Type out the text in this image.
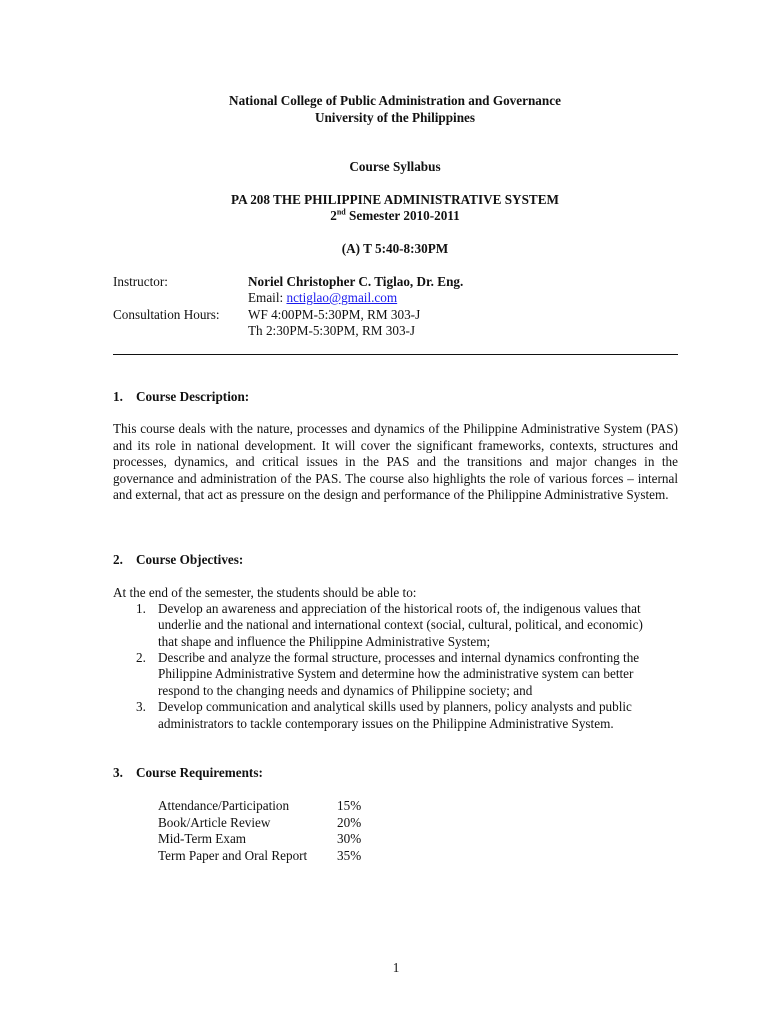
National College of Public Administration and Governance
University of the Philippines
Course Syllabus
PA 208 THE PHILIPPINE ADMINISTRATIVE SYSTEM
2nd Semester 2010-2011
(A) T 5:40-8:30PM
Instructor:	Noriel Christopher C. Tiglao, Dr. Eng.
Email: nctiglao@gmail.com
Consultation Hours: WF 4:00PM-5:30PM, RM 303-J
Th 2:30PM-5:30PM, RM 303-J
1. Course Description:
This course deals with the nature, processes and dynamics of the Philippine Administrative System (PAS) and its role in national development. It will cover the significant frameworks, contexts, structures and processes, dynamics, and critical issues in the PAS and the transitions and major changes in the governance and administration of the PAS. The course also highlights the role of various forces – internal and external, that act as pressure on the design and performance of the Philippine Administrative System.
2. Course Objectives:
At the end of the semester, the students should be able to:
1. Develop an awareness and appreciation of the historical roots of, the indigenous values that
underlie and the national and international context (social, cultural, political, and economic)
that shape and influence the Philippine Administrative System;
2. Describe and analyze the formal structure, processes and internal dynamics confronting the
Philippine Administrative System and determine how the administrative system can better
respond to the changing needs and dynamics of Philippine society; and
3. Develop communication and analytical skills used by planners, policy analysts and public
administrators to tackle contemporary issues on the Philippine Administrative System.
3. Course Requirements:
Attendance/Participation	15%
Book/Article Review	20%
Mid-Term Exam	30%
Term Paper and Oral Report 35%
1
